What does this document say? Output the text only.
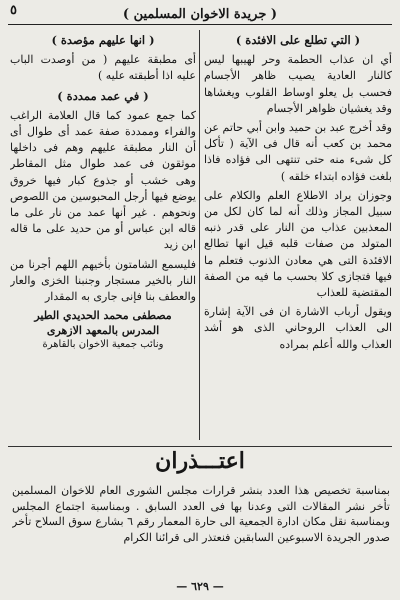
( جريدة الاخوان المسلمين )
٥
( التي تطلع على الافئدة )

أي ان عذاب الحطمة وحر لهيبها ليس كالنار العادية يصيب ظاهر الأجسام فحسب بل يعلو اوساط القلوب ويغشاها وقد يغشيان ظواهر الأجسام

وقد أخرج عبد بن حميد وابن أبي حاتم عن محمد بن كعب أنه قال فى الآية ( تأكل كل شىء منه حتى تنتهى الى فؤاده فاذا بلغت فؤاده ابتداء خلقه )

وجوزان يراد الاطلاع العلم والكلام على سبيل المجاز وذلك أنه لما كان لكل من المعذبين عذاب من النار على قدر ذنبه المتولد من صفات قلبه قيل انها تطالع الافئدة التى هي معادن الذنوب فتعلم ما فيها فتجازى كلا بحسب ما فيه من الصفة المقتضية للعذاب

ويقول أرباب الاشارة ان فى الآية إشارة الى العذاب الروحاني الذى هو أشد العذاب والله أعلم بمراده

( انها عليهم مؤصدة )

أى مطبقة عليهم ( من أوصدت الباب عليه اذا أطبقته عليه )

( في عمد ممددة )

كما جمع عمود كما قال العلامة الراغب والفراء وممددة صفة عمد أى طوال أى أن النار مطبقة عليهم وهم فى داخلها موثقون فى عمد طوال مثل المقاطر وهى خشب أو جذوع كبار فيها خروق يوضع فيها أرجل المحبوسين من اللصوص ونحوهم . غير أنها عمد من نار على ما قاله ابن عباس أو من حديد على ما قاله ابن زيد

فليسمع الشامتون بأخيهم اللهم أجرنا من النار بالخير مستجار وجنبنا الخزى والعار والعطف بنا فإنى جارى به المقدار

مصطفى محمد الحديدي الطير

المدرس بالمعهد الازهرى

ونائب جمعية الاخوان بالقاهرة

اعتـــذران
بمناسبة تخصيص هذا العدد بنشر قرارات مجلس الشورى العام للاخوان المسلمين تأخر نشر المقالات التى وعدنا بها فى العدد السابق . وبمناسبة اجتماع المجلس وبمناسبة نقل مكان ادارة الجمعية الى حارة المعمار رقم ٦ بشارع سوق السلاح تأخر صدور الجريدة الاسبوعين السابقين فنعتذر الى قرائنا الكرام
— ٦٢٩ —
